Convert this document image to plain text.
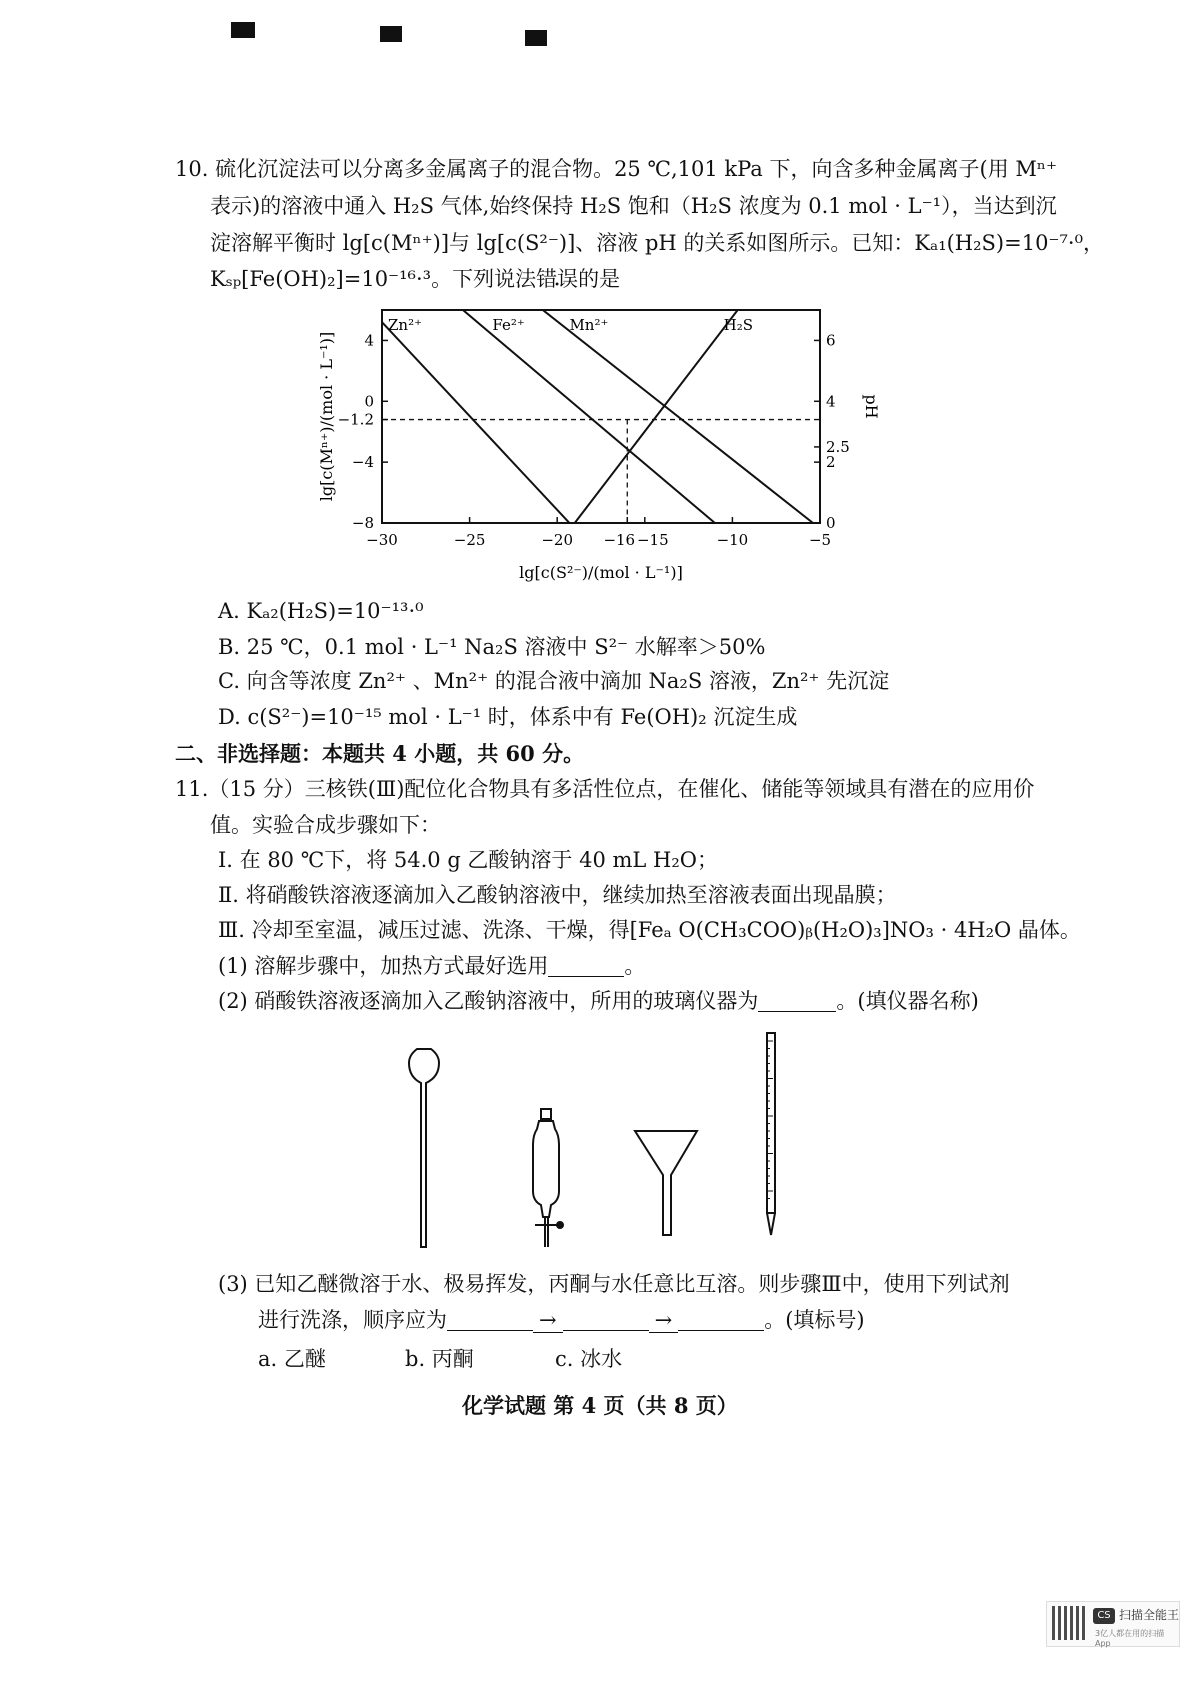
10. 硫化沉淀法可以分离多金属离子的混合物。25 ℃,101 kPa 下，向含多种金属离子(用 Mⁿ⁺
表示)的溶液中通入 H₂S 气体,始终保持 H₂S 饱和（H₂S 浓度为 0.1 mol · L⁻¹），当达到沉
淀溶解平衡时 lg[c(Mⁿ⁺)]与 lg[c(S²⁻)]、溶液 pH 的关系如图所示。已知：Kₐ₁(H₂S)=10⁻⁷·⁰，
Kₛₚ[Fe(OH)₂]=10⁻¹⁶·³。下列说法错误的是
−30	−25	−20 −16 −15	−10	−5
4
0
−1.2
−4
−8
6
4
2.5
2
0
Zn²⁺	Fe²⁺	Mn²⁺	H₂S
lg[c(S²⁻)/(mol · L⁻¹)]
lg[c(Mⁿ⁺)/(mol · L⁻¹)]	pH
A. Kₐ₂(H₂S)=10⁻¹³·⁰
B. 25 ℃，0.1 mol · L⁻¹ Na₂S 溶液中 S²⁻ 水解率＞50%
C. 向含等浓度 Zn²⁺ 、Mn²⁺ 的混合液中滴加 Na₂S 溶液，Zn²⁺ 先沉淀
D. c(S²⁻)=10⁻¹⁵ mol · L⁻¹ 时，体系中有 Fe(OH)₂ 沉淀生成
二、非选择题：本题共 4 小题，共 60 分。
11.（15 分）三核铁(Ⅲ)配位化合物具有多活性位点，在催化、储能等领域具有潜在的应用价
值。实验合成步骤如下：
Ⅰ. 在 80 ℃下，将 54.0 g 乙酸钠溶于 40 mL H₂O；
Ⅱ. 将硝酸铁溶液逐滴加入乙酸钠溶液中，继续加热至溶液表面出现晶膜；
Ⅲ. 冷却至室温，减压过滤、洗涤、干燥，得[Feₐ O(CH₃COO)ᵦ(H₂O)₃]NO₃ · 4H₂O 晶体。
(1) 溶解步骤中，加热方式最好选用	。
(2) 硝酸铁溶液逐滴加入乙酸钠溶液中，所用的玻璃仪器为	。(填仪器名称)
(3) 已知乙醚微溶于水、极易挥发，丙酮与水任意比互溶。则步骤Ⅲ中，使用下列试剂
进行洗涤，顺序应为	→	→	。(填标号)
a. 乙醚	b. 丙酮	c. 冰水
化学试题 第 4 页（共 8 页）
CS 扫描全能王
3亿人都在用的扫描App
